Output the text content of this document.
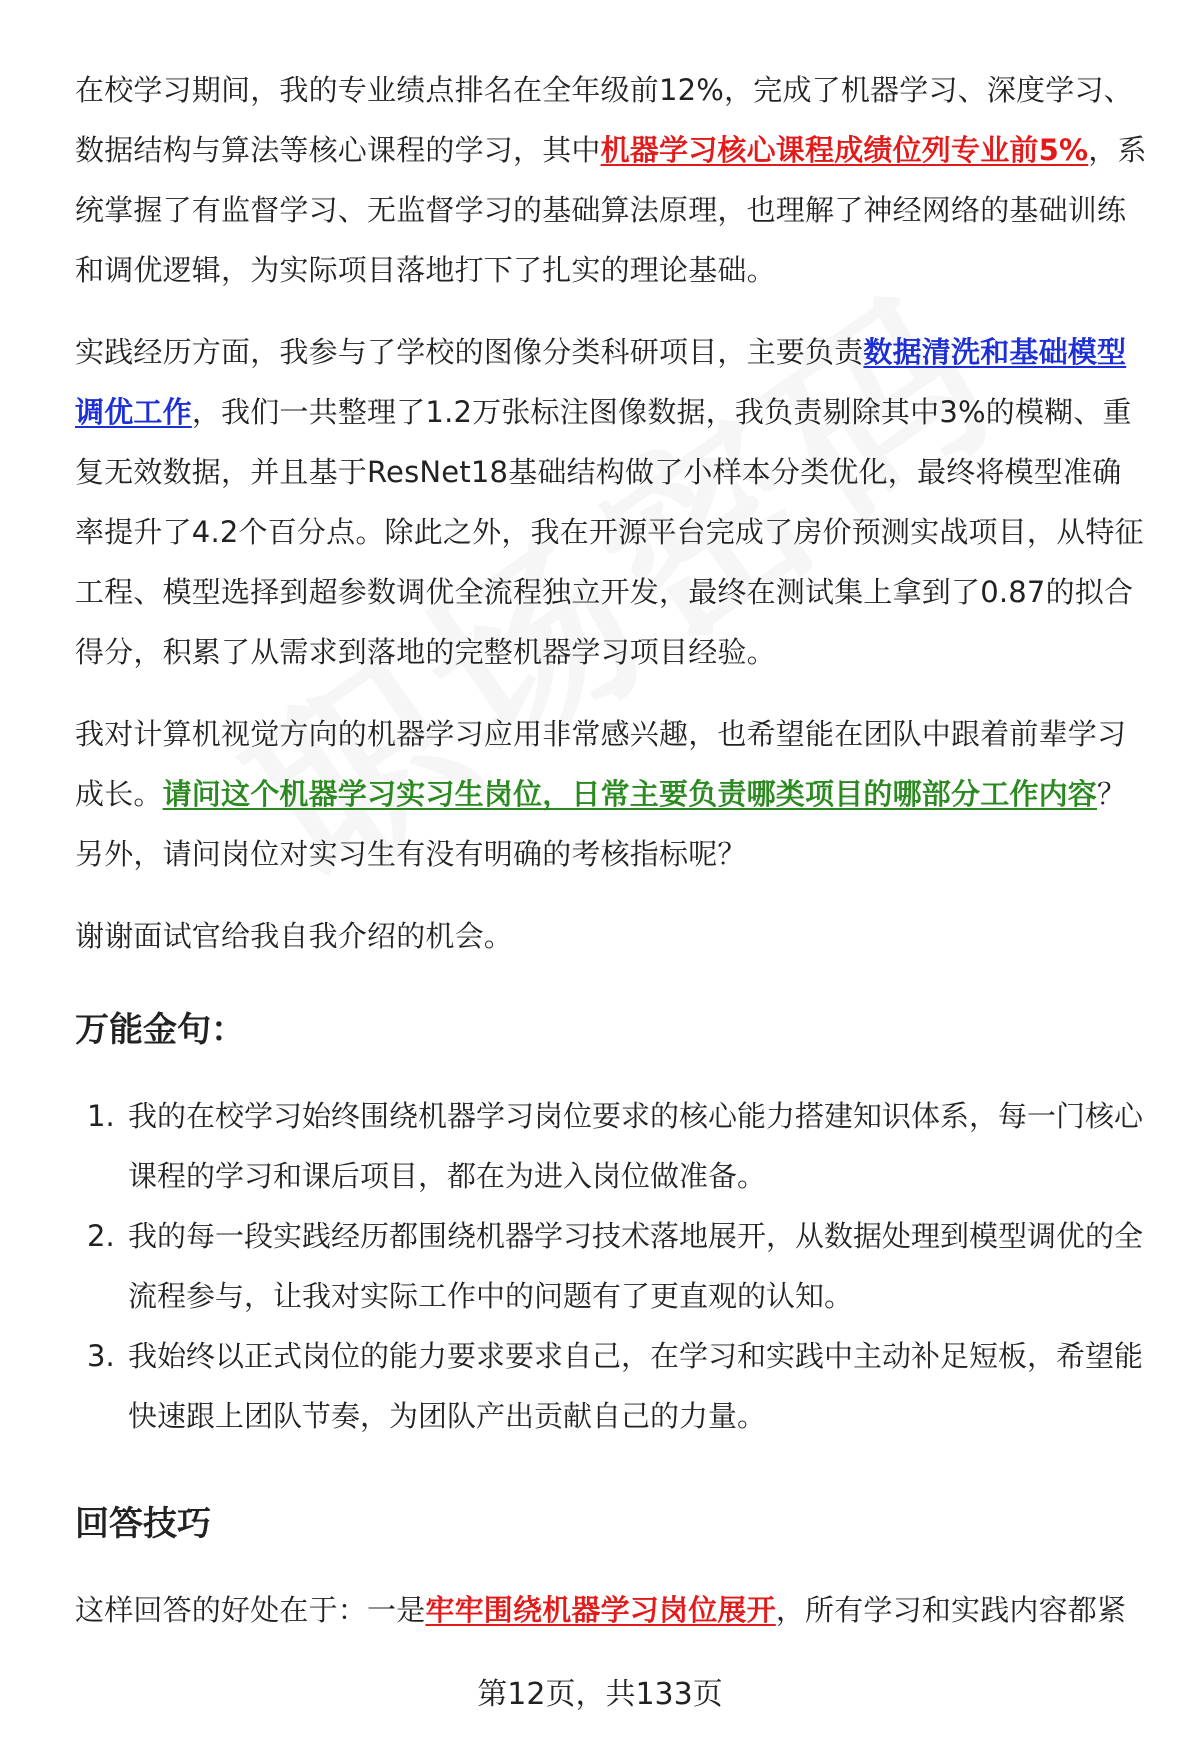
在校学习期间，我的专业绩点排名在全年级前12%，完成了机器学习、深度学习、数据结构与算法等核心课程的学习，其中机器学习核心课程成绩位列专业前5%，系统掌握了有监督学习、无监督学习的基础算法原理，也理解了神经网络的基础训练和调优逻辑，为实际项目落地打下了扎实的理论基础。

实践经历方面，我参与了学校的图像分类科研项目，主要负责数据清洗和基础模型调优工作，我们一共整理了1.2万张标注图像数据，我负责剔除其中3%的模糊、重复无效数据，并且基于ResNet18基础结构做了小样本分类优化，最终将模型准确率提升了4.2个百分点。除此之外，我在开源平台完成了房价预测实战项目，从特征工程、模型选择到超参数调优全流程独立开发，最终在测试集上拿到了0.87的拟合得分，积累了从需求到落地的完整机器学习项目经验。

我对计算机视觉方向的机器学习应用非常感兴趣，也希望能在团队中跟着前辈学习成长。请问这个机器学习实习生岗位，日常主要负责哪类项目的哪部分工作内容？另外，请问岗位对实习生有没有明确的考核指标呢？

谢谢面试官给我自我介绍的机会。

万能金句：
1. 我的在校学习始终围绕机器学习岗位要求的核心能力搭建知识体系，每一门核心课程的学习和课后项目，都在为进入岗位做准备。
2. 我的每一段实践经历都围绕机器学习技术落地展开，从数据处理到模型调优的全流程参与，让我对实际工作中的问题有了更直观的认知。
3. 我始终以正式岗位的能力要求要求自己，在学习和实践中主动补足短板，希望能快速跟上团队节奏，为团队产出贡献自己的力量。
回答技巧

这样回答的好处在于：一是牢牢围绕机器学习岗位展开，所有学习和实践内容都紧

第12页，共133页
